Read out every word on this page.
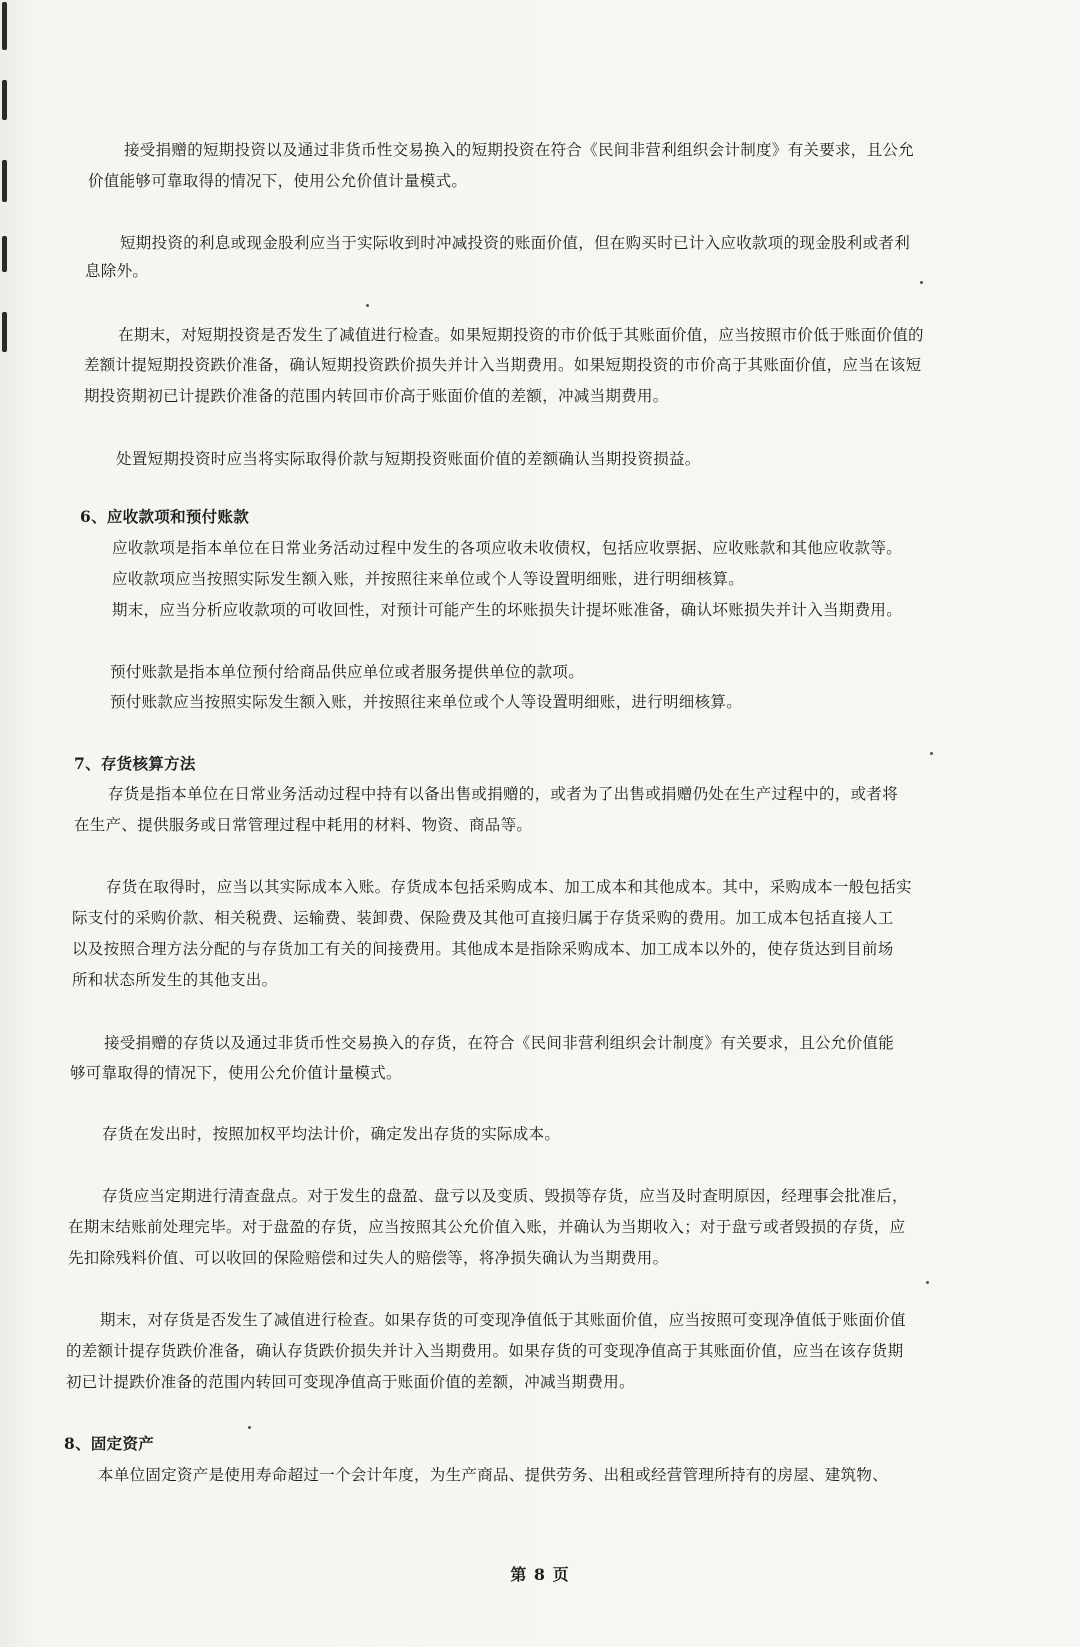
接受捐赠的短期投资以及通过非货币性交易换入的短期投资在符合《民间非营利组织会计制度》有关要求，且公允
价值能够可靠取得的情况下，使用公允价值计量模式。
短期投资的利息或现金股利应当于实际收到时冲减投资的账面价值，但在购买时已计入应收款项的现金股利或者利
息除外。
在期末，对短期投资是否发生了减值进行检查。如果短期投资的市价低于其账面价值，应当按照市价低于账面价值的
差额计提短期投资跌价准备，确认短期投资跌价损失并计入当期费用。如果短期投资的市价高于其账面价值，应当在该短
期投资期初已计提跌价准备的范围内转回市价高于账面价值的差额，冲减当期费用。
处置短期投资时应当将实际取得价款与短期投资账面价值的差额确认当期投资损益。
6、应收款项和预付账款
应收款项是指本单位在日常业务活动过程中发生的各项应收未收债权，包括应收票据、应收账款和其他应收款等。
应收款项应当按照实际发生额入账，并按照往来单位或个人等设置明细账，进行明细核算。
期末，应当分析应收款项的可收回性，对预计可能产生的坏账损失计提坏账准备，确认坏账损失并计入当期费用。
预付账款是指本单位预付给商品供应单位或者服务提供单位的款项。
预付账款应当按照实际发生额入账，并按照往来单位或个人等设置明细账，进行明细核算。
7、存货核算方法
存货是指本单位在日常业务活动过程中持有以备出售或捐赠的，或者为了出售或捐赠仍处在生产过程中的，或者将
在生产、提供服务或日常管理过程中耗用的材料、物资、商品等。
存货在取得时，应当以其实际成本入账。存货成本包括采购成本、加工成本和其他成本。其中，采购成本一般包括实
际支付的采购价款、相关税费、运输费、装卸费、保险费及其他可直接归属于存货采购的费用。加工成本包括直接人工
以及按照合理方法分配的与存货加工有关的间接费用。其他成本是指除采购成本、加工成本以外的，使存货达到目前场
所和状态所发生的其他支出。
接受捐赠的存货以及通过非货币性交易换入的存货，在符合《民间非营利组织会计制度》有关要求，且公允价值能
够可靠取得的情况下，使用公允价值计量模式。
存货在发出时，按照加权平均法计价，确定发出存货的实际成本。
存货应当定期进行清查盘点。对于发生的盘盈、盘亏以及变质、毁损等存货，应当及时查明原因，经理事会批准后，
在期末结账前处理完毕。对于盘盈的存货，应当按照其公允价值入账，并确认为当期收入；对于盘亏或者毁损的存货，应
先扣除残料价值、可以收回的保险赔偿和过失人的赔偿等，将净损失确认为当期费用。
期末，对存货是否发生了减值进行检查。如果存货的可变现净值低于其账面价值，应当按照可变现净值低于账面价值
的差额计提存货跌价准备，确认存货跌价损失并计入当期费用。如果存货的可变现净值高于其账面价值，应当在该存货期
初已计提跌价准备的范围内转回可变现净值高于账面价值的差额，冲减当期费用。
8、固定资产
本单位固定资产是使用寿命超过一个会计年度，为生产商品、提供劳务、出租或经营管理所持有的房屋、建筑物、
第 8 页
